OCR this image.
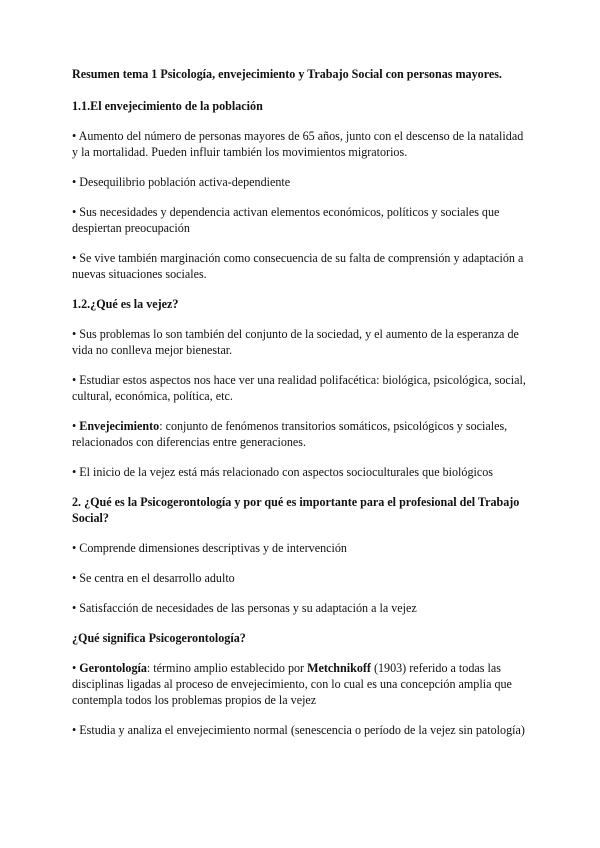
Resumen tema 1 Psicología, envejecimiento y Trabajo Social con personas mayores.

1.1.El envejecimiento de la población

• Aumento del número de personas mayores de 65 años, junto con el descenso de la natalidad y la mortalidad. Pueden influir también los movimientos migratorios.

• Desequilibrio población activa-dependiente

• Sus necesidades y dependencia activan elementos económicos, políticos y sociales que despiertan preocupación

• Se vive también marginación como consecuencia de su falta de comprensión y adaptación a nuevas situaciones sociales.

1.2.¿Qué es la vejez?

• Sus problemas lo son también del conjunto de la sociedad, y el aumento de la esperanza de vida no conlleva mejor bienestar.

• Estudiar estos aspectos nos hace ver una realidad polifacética: biológica, psicológica, social, cultural, económica, política, etc.

• Envejecimiento: conjunto de fenómenos transitorios somáticos, psicológicos y sociales, relacionados con diferencias entre generaciones.

• El inicio de la vejez está más relacionado con aspectos socioculturales que biológicos

2. ¿Qué es la Psicogerontología y por qué es importante para el profesional del Trabajo Social?

• Comprende dimensiones descriptivas y de intervención

• Se centra en el desarrollo adulto

• Satisfacción de necesidades de las personas y su adaptación a la vejez

¿Qué significa Psicogerontología?

• Gerontología: término amplio establecido por Metchnikoff (1903) referido a todas las disciplinas ligadas al proceso de envejecimiento, con lo cual es una concepción amplia que contempla todos los problemas propios de la vejez

• Estudia y analiza el envejecimiento normal (senescencia o período de la vejez sin patología)
